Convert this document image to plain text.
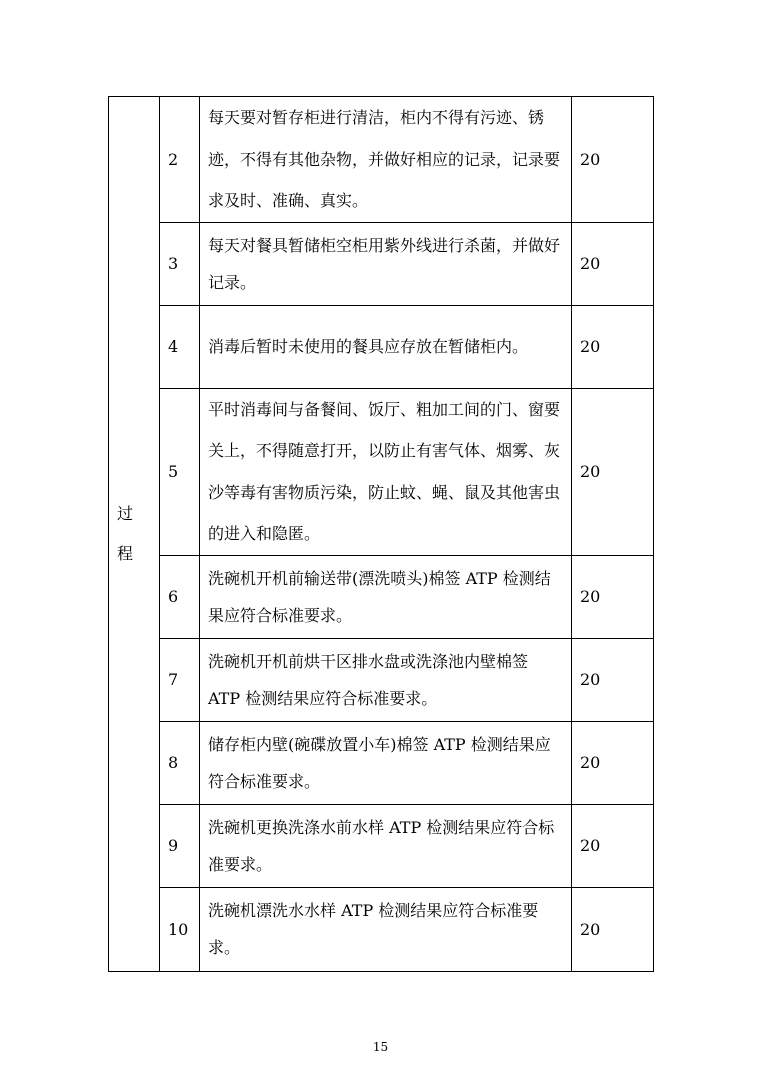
过程	2	每天要对暂存柜进行清洁，柜内不得有污迹、锈迹，不得有其他杂物，并做好相应的记录，记录要求及时、准确、真实。	20
	3	每天对餐具暂储柜空柜用紫外线进行杀菌，并做好记录。	20
	4	消毒后暂时未使用的餐具应存放在暂储柜内。	20
	5	平时消毒间与备餐间、饭厅、粗加工间的门、窗要关上，不得随意打开，以防止有害气体、烟雾、灰沙等毒有害物质污染，防止蚊、蝇、鼠及其他害虫的进入和隐匿。	20
	6	洗碗机开机前输送带(漂洗喷头)棉签 ATP 检测结果应符合标准要求。	20
	7	洗碗机开机前烘干区排水盘或洗涤池内壁棉签 ATP 检测结果应符合标准要求。	20
	8	储存柜内壁(碗碟放置小车)棉签 ATP 检测结果应符合标准要求。	20
	9	洗碗机更换洗涤水前水样 ATP 检测结果应符合标准要求。	20
	10	洗碗机漂洗水水样 ATP 检测结果应符合标准要求。	20
15
